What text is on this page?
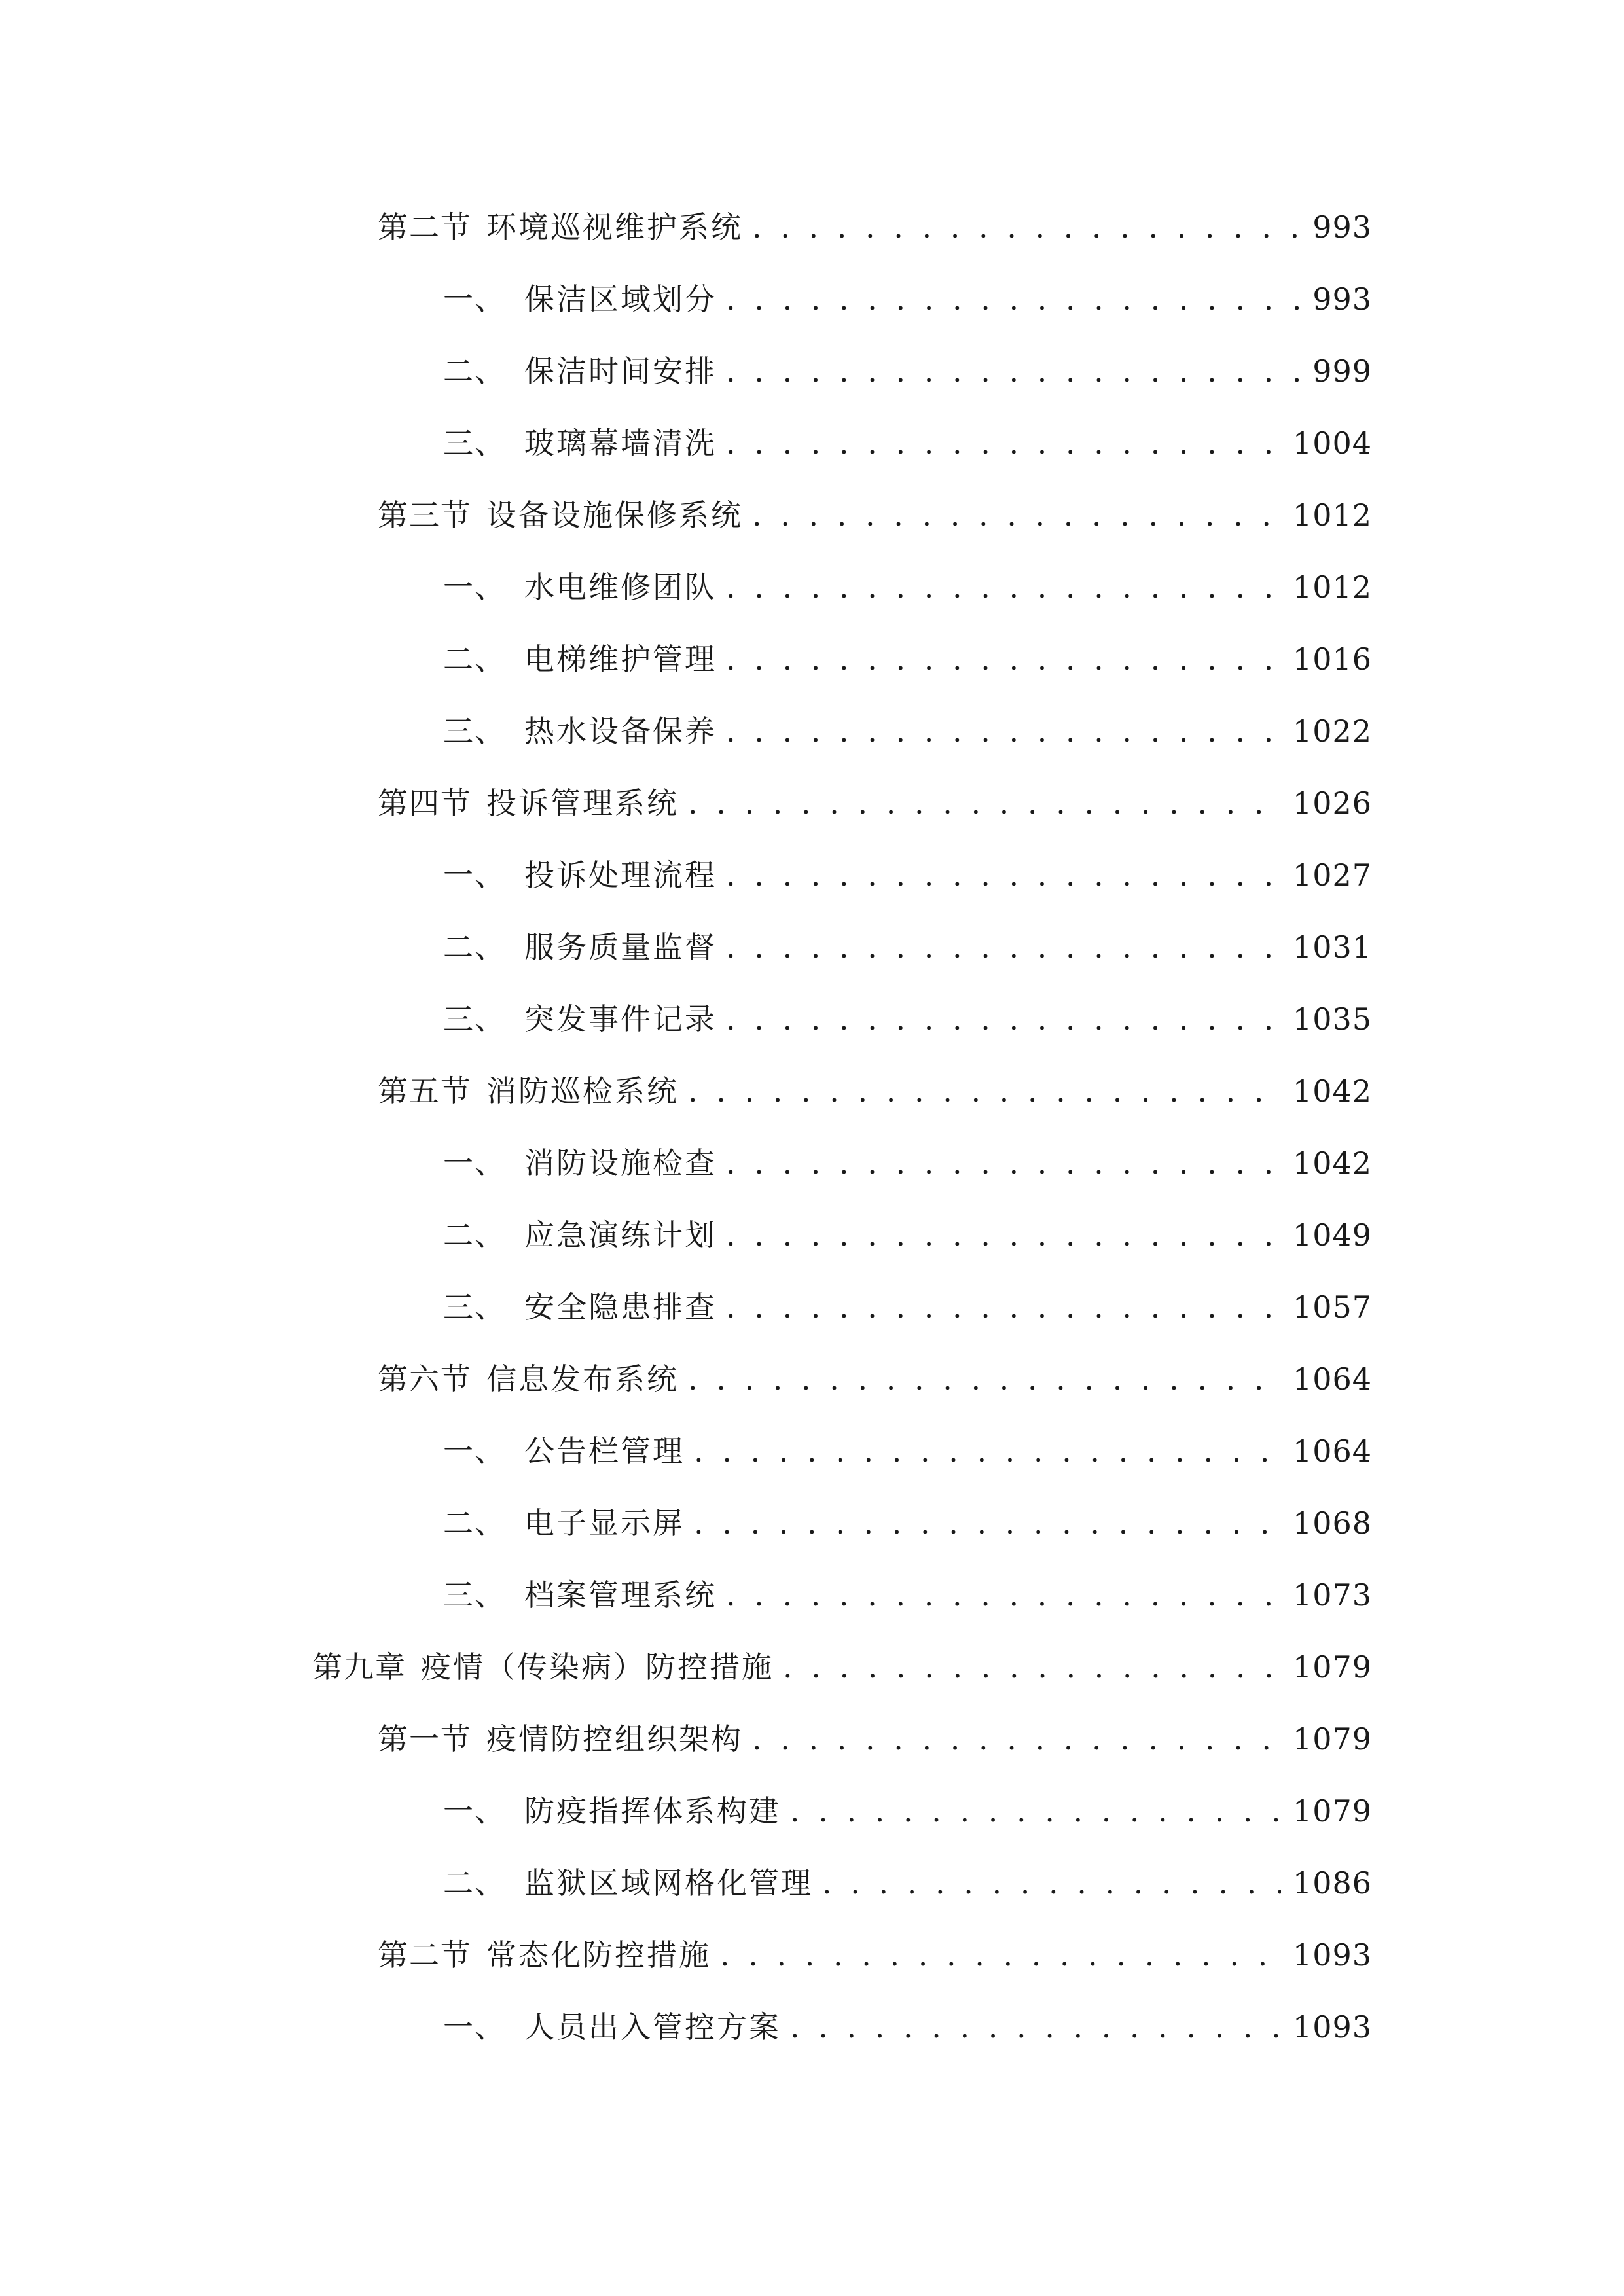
第二节 环境巡视维护系统 . . .	993
一、 保洁区域划分 . . .	993
二、 保洁时间安排 . . .	999
三、 玻璃幕墙清洗 . . .	1004
第三节 设备设施保修系统 . . .	1012
一、 水电维修团队 . . .	1012
二、 电梯维护管理 . . .	1016
三、 热水设备保养 . . .	1022
第四节 投诉管理系统 . . .	1026
一、 投诉处理流程 . . .	1027
二、 服务质量监督 . . .	1031
三、 突发事件记录 . . .	1035
第五节 消防巡检系统 . . .	1042
一、 消防设施检查 . . .	1042
二、 应急演练计划 . . .	1049
三、 安全隐患排查 . . .	1057
第六节 信息发布系统 . . .	1064
一、 公告栏管理 . . .	1064
二、 电子显示屏 . . .	1068
三、 档案管理系统 . . .	1073
第九章 疫情（传染病）防控措施 . . .	1079
第一节 疫情防控组织架构 . . .	1079
一、 防疫指挥体系构建 . . .	1079
二、 监狱区域网格化管理 . . .	1086
第二节 常态化防控措施 . . .	1093
一、 人员出入管控方案 . . .	1093
